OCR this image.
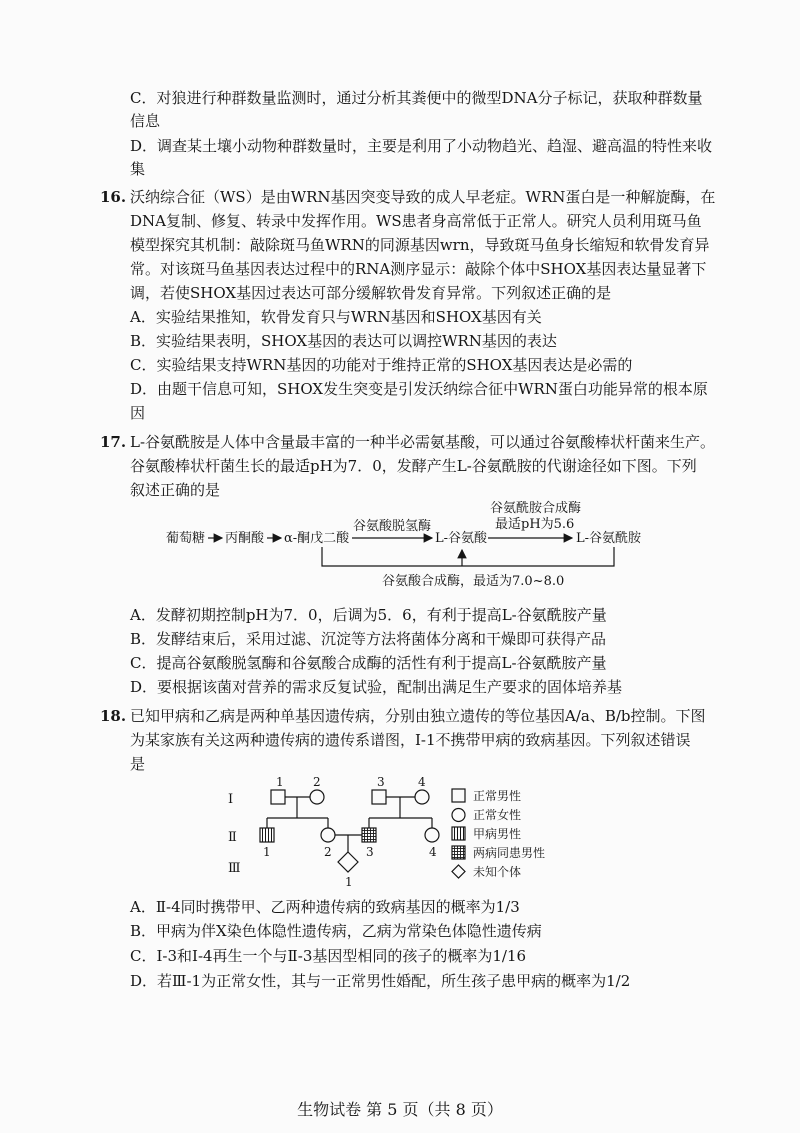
C．对狼进行种群数量监测时，通过分析其粪便中的微型DNA分子标记，获取种群数量
信息
D．调查某土壤小动物种群数量时，主要是利用了小动物趋光、趋湿、避高温的特性来收
集
16. 沃纳综合征（WS）是由WRN基因突变导致的成人早老症。WRN蛋白是一种解旋酶，在
DNA复制、修复、转录中发挥作用。WS患者身高常低于正常人。研究人员利用斑马鱼
模型探究其机制：敲除斑马鱼WRN的同源基因wrn，导致斑马鱼身长缩短和软骨发育异
常。对该斑马鱼基因表达过程中的RNA测序显示：敲除个体中SHOX基因表达量显著下
调，若使SHOX基因过表达可部分缓解软骨发育异常。下列叙述正确的是
A．实验结果推知，软骨发育只与WRN基因和SHOX基因有关
B．实验结果表明，SHOX基因的表达可以调控WRN基因的表达
C．实验结果支持WRN基因的功能对于维持正常的SHOX基因表达是必需的
D．由题干信息可知，SHOX发生突变是引发沃纳综合征中WRN蛋白功能异常的根本原
因
17. L-谷氨酰胺是人体中含量最丰富的一种半必需氨基酸，可以通过谷氨酸棒状杆菌来生产。
谷氨酸棒状杆菌生长的最适pH为7．0，发酵产生L-谷氨酰胺的代谢途径如下图。下列
叙述正确的是
葡萄糖 丙酮酸 α-酮戊二酸
谷氨酸脱氢酶
L-谷氨酸
谷氨酰胺合成酶
最适pH为5.6
L-谷氨酰胺
谷氨酸合成酶，最适为7.0~8.0
A．发酵初期控制pH为7．0，后调为5．6，有利于提高L-谷氨酰胺产量
B．发酵结束后，采用过滤、沉淀等方法将菌体分离和干燥即可获得产品
C．提高谷氨酸脱氢酶和谷氨酸合成酶的活性有利于提高L-谷氨酰胺产量
D．要根据该菌对营养的需求反复试验，配制出满足生产要求的固体培养基
18. 已知甲病和乙病是两种单基因遗传病，分别由独立遗传的等位基因A/a、B/b控制。下图
为某家族有关这两种遗传病的遗传系谱图，Ⅰ-1不携带甲病的致病基因。下列叙述错误
是
Ⅰ
Ⅱ
Ⅲ
1 2	3	4
1	2	3	4
1
正常男性
正常女性
甲病男性
两病同患男性
未知个体
A．Ⅱ-4同时携带甲、乙两种遗传病的致病基因的概率为1/3
B．甲病为伴X染色体隐性遗传病，乙病为常染色体隐性遗传病
C．Ⅰ-3和Ⅰ-4再生一个与Ⅱ-3基因型相同的孩子的概率为1/16
D．若Ⅲ-1为正常女性，其与一正常男性婚配，所生孩子患甲病的概率为1/2
生物试卷 第 5 页（共 8 页）
